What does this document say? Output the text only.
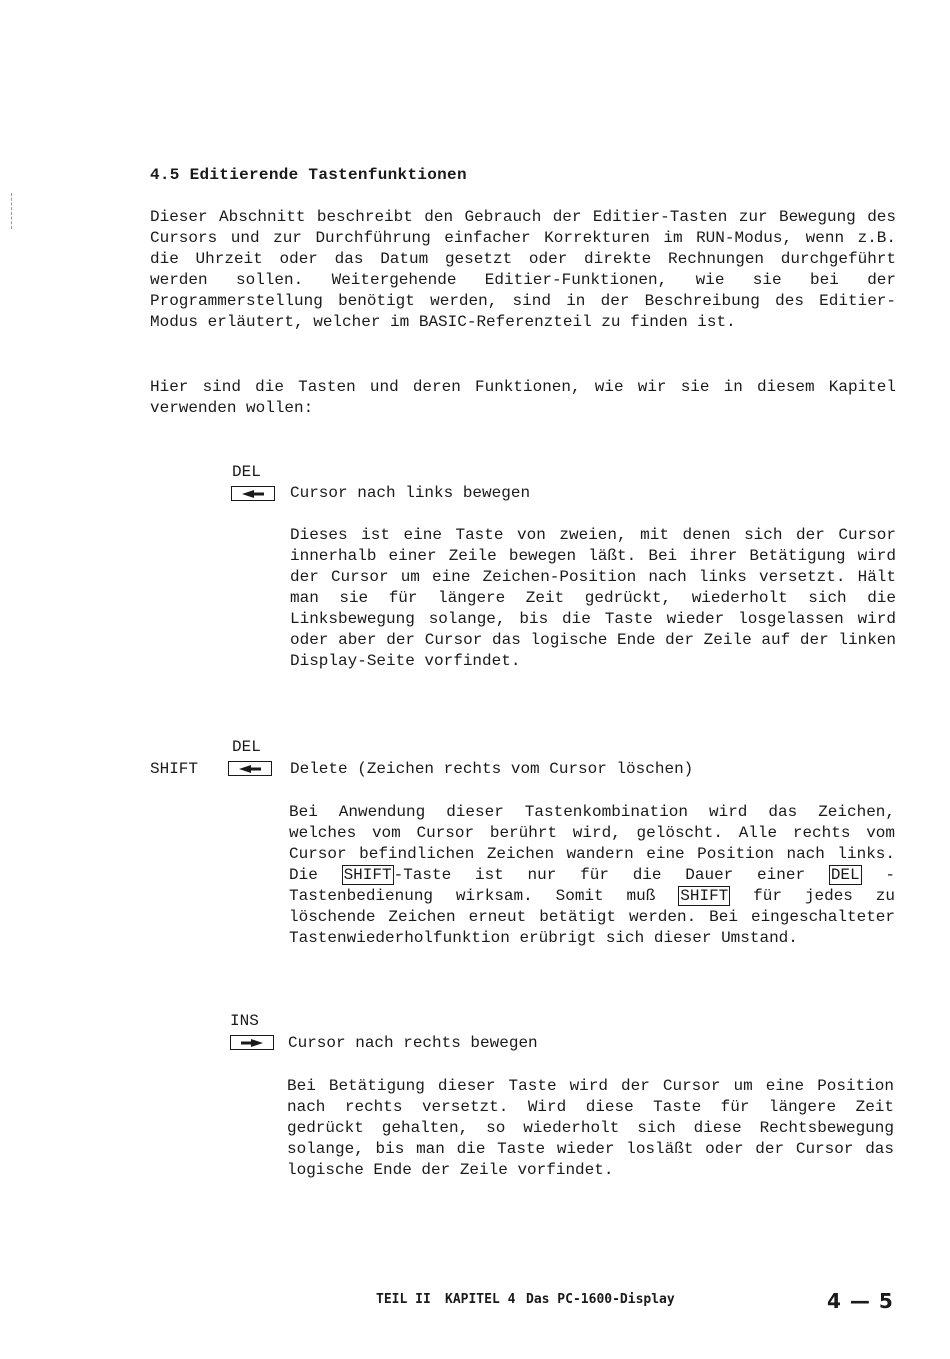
4.5 Editierende Tastenfunktionen
Dieser Abschnitt beschreibt den Gebrauch der Editier-Tasten zur Bewegung des Cursors und zur Durchführung einfacher Korrekturen im RUN-Modus, wenn z.B. die Uhrzeit oder das Datum gesetzt oder direkte Rechnungen durchgeführt werden sollen. Weitergehende Editier-Funktionen, wie sie bei der Programmerstellung benötigt werden, sind in der Beschreibung des Editier-Modus erläutert, welcher im BASIC-Referenzteil zu finden ist.
Hier sind die Tasten und deren Funktionen, wie wir sie in diesem Kapitel verwenden wollen:
DEL
Cursor nach links bewegen
Dieses ist eine Taste von zweien, mit denen sich der Cursor innerhalb einer Zeile bewegen läßt. Bei ihrer Betätigung wird der Cursor um eine Zeichen-Position nach links versetzt. Hält man sie für längere Zeit gedrückt, wiederholt sich die Linksbewegung solange, bis die Taste wieder losgelassen wird oder aber der Cursor das logische Ende der Zeile auf der linken Display-Seite vorfindet.
DEL
SHIFT	Delete (Zeichen rechts vom Cursor löschen)
Bei Anwendung dieser Tastenkombination wird das Zeichen, welches vom Cursor berührt wird, gelöscht. Alle rechts vom Cursor befindlichen Zeichen wandern eine Position nach links. Die SHIFT -Taste ist nur für die Dauer einer DEL -Tastenbedienung wirksam. Somit muß SHIFT für jedes zu löschende Zeichen erneut betätigt werden. Bei eingeschalteter Tastenwiederholfunktion erübrigt sich dieser Umstand.
INS
Cursor nach rechts bewegen
Bei Betätigung dieser Taste wird der Cursor um eine Position nach rechts versetzt. Wird diese Taste für längere Zeit gedrückt gehalten, so wiederholt sich diese Rechtsbewegung solange, bis man die Taste wieder losläßt oder der Cursor das logische Ende der Zeile vorfindet.
TEIL II KAPITEL 4 Das PC-1600-Display	4 — 5
